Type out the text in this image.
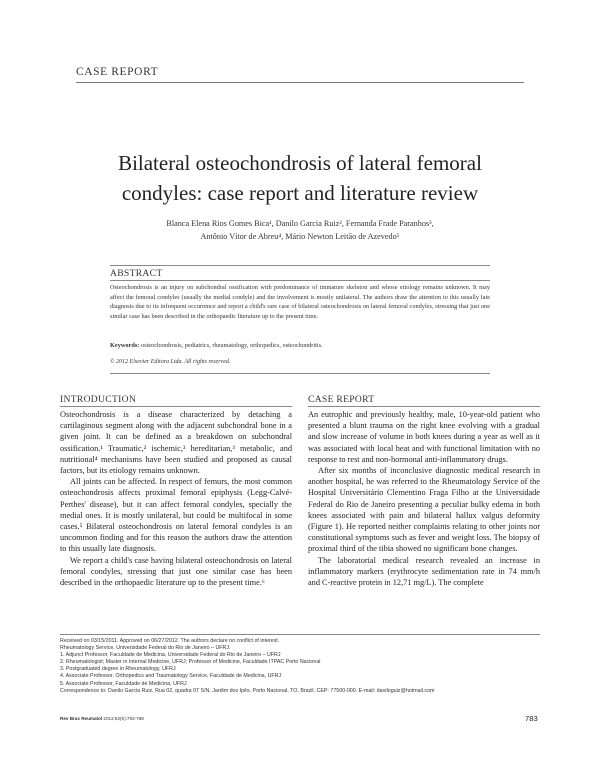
CASE REPORT
Bilateral osteochondrosis of lateral femoral
condyles: case report and literature review
Blanca Elena Rios Gomes Bica¹, Danilo Garcia Ruiz², Fernanda Frade Paranhos³,
Antônio Vítor de Abreu⁴, Mário Newton Leitão de Azevedo⁵
ABSTRACT
Osteochondrosis is an injury on subchondral ossification with predominance of immature skeleton and whose etiology remains unknown. It may affect the femoral condyles (usually the medial condyle) and the involvement is mostly unilateral. The authors draw the attention to this usually late diagnosis due to its infrequent occurrence and report a child's rare case of bilateral osteochondrosis on lateral femoral condyles, stressing that just one similar case has been described in the orthopaedic literature up to the present time.
Keywords: osteochondrosis, pediatrics, rheumatology, orthopedics, osteochondritis.
© 2012 Elsevier Editora Ltda. All rights reserved.
INTRODUCTION

Osteochondrosis is a disease characterized by detaching a cartilaginous segment along with the adjacent subchondral bone in a given joint. It can be defined as a breakdown on subchondral ossification.¹ Traumatic,² ischemic,³ hereditarian,³ metabolic, and nutritional⁴ mechanisms have been studied and proposed as causal factors, but its etiology remains unknown.

All joints can be affected. In respect of femurs, the most common osteochondrosis affects proximal femoral epiphysis (Legg-Calvé-Perthes' disease), but it can affect femoral condyles, specially the medial ones. It is mostly unilateral, but could be multifocal in some cases.⁵ Bilateral osteochondrosis on lateral femoral condyles is an uncommon finding and for this reason the authors draw the attention to this usually late diagnosis.

We report a child's case having bilateral osteochondrosis on lateral femoral condyles, stressing that just one similar case has been described in the orthopaedic literature up to the present time.⁶

CASE REPORT

An eutrophic and previously healthy, male, 10-year-old patient who presented a blunt trauma on the right knee evolving with a gradual and slow increase of volume in both knees during a year as well as it was associated with local heat and with functional limitation with no response to rest and non-hormonal anti-inflammatory drugs.

After six months of inconclusive diagnostic medical research in another hospital, he was referred to the Rheumatology Service of the Hospital Universitário Clementino Fraga Filho at the Universidade Federal do Rio de Janeiro presenting a peculiar bulky edema in both knees associated with pain and bilateral hallux valgus deformity (Figure 1). He reported neither complaints relating to other joints nor constitutional symptoms such as fever and weight loss. The biopsy of proximal third of the tibia showed no significant bone changes.

The laboratorial medical research revealed an increase in inflammatory markers (erythrocyte sedimentation rate in 74 mm/h and C-reactive protein in 12,71 mg/L). The complete

Received on 03/15/2011. Approved on 06/27/2012. The authors declare no conflict of interest.
Rheumatology Service, Universidade Federal do Rio de Janeiro – UFRJ.
1. Adjunct Professor, Faculdade de Medicina, Universidade Federal do Rio de Janeiro – UFRJ
2. Rheumatologist; Master in Internal Medicine, UFRJ; Professor of Medicine, Faculdade ITPAC Porto Nacional
3. Postgraduated degree in Rheumatology, UFRJ
4. Associate Professor, Orthopedics and Traumatology Service, Faculdade de Medicina, UFRJ
5. Associate Professor, Faculdade de Medicina, UFRJ
Correspondence to: Danilo Garcia Ruiz. Rua 02, quadra 07 S/N, Jardim dos Ipês. Porto Nacional, TO, Brazil. CEP: 77500-000. E-mail: daniloguiz@hotmail.com
Rev Bras Reumatol 2012;52(5):783-788	783
